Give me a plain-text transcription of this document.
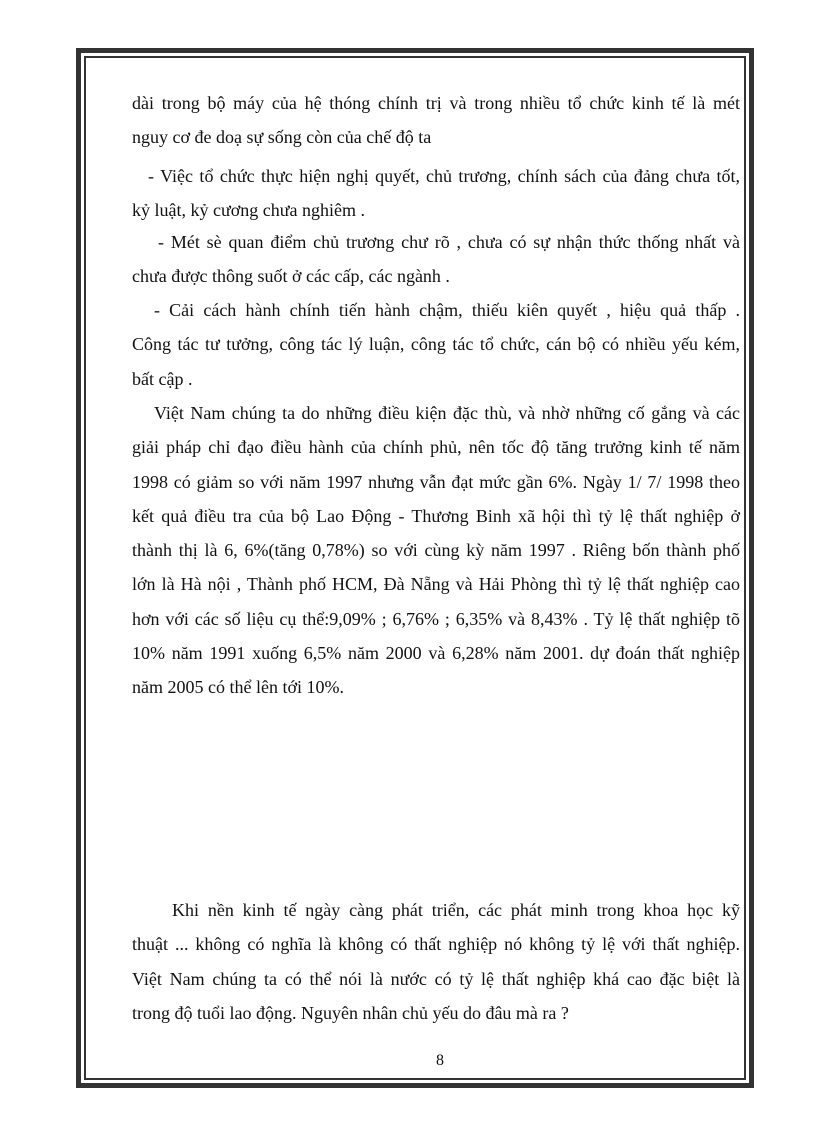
dài trong bộ máy của hệ thóng chính trị và trong nhiều tổ chức kinh tế là mét
nguy cơ đe doạ sự sống còn của chế độ ta
- Việc tổ chức thực hiện nghị quyết, chủ trương, chính sách của đảng chưa tốt,
kỷ luật, kỷ cương chưa nghiêm .
- Mét sè quan điểm chủ trương chư rõ , chưa có sự nhận thức thống nhất và
chưa được thông suốt ở các cấp, các ngành .
- Cải cách hành chính tiến hành chậm, thiếu kiên quyết , hiệu quả thấp .
Công tác tư tưởng, công tác lý luận, công tác tổ chức, cán bộ có nhiều yếu kém,
bất cập .
Việt Nam chúng ta do những điều kiện đặc thù, và nhờ những cố gắng và các
giải pháp chỉ đạo điều hành của chính phủ, nên tốc độ tăng trưởng kinh tế năm
1998 có giảm so với năm 1997 nhưng vẫn đạt mức gần 6%. Ngày 1/ 7/ 1998 theo
kết quả điều tra của bộ Lao Động - Thương Binh xã hội thì tỷ lệ thất nghiệp ở
thành thị là 6, 6%(tăng 0,78%) so với cùng kỳ năm 1997 . Riêng bốn thành phố
lớn là Hà nội , Thành phố HCM, Đà Nẵng và Hải Phòng thì tỷ lệ thất nghiệp cao
hơn với các số liệu cụ thể:9,09% ; 6,76% ; 6,35% và 8,43% . Tỷ lệ thất nghiệp tõ
10% năm 1991 xuống 6,5% năm 2000 và 6,28% năm 2001. dự đoán thất nghiệp
năm 2005 có thể lên tới 10%.
Khi nền kinh tế ngày càng phát triển, các phát minh trong khoa học kỹ
thuật ... không có nghĩa là không có thất nghiệp nó không tỷ lệ với thất nghiệp.
Việt Nam chúng ta có thể nói là nước có tỷ lệ thất nghiệp khá cao đặc biệt là
trong độ tuổi lao động. Nguyên nhân chủ yếu do đâu mà ra ?
8
